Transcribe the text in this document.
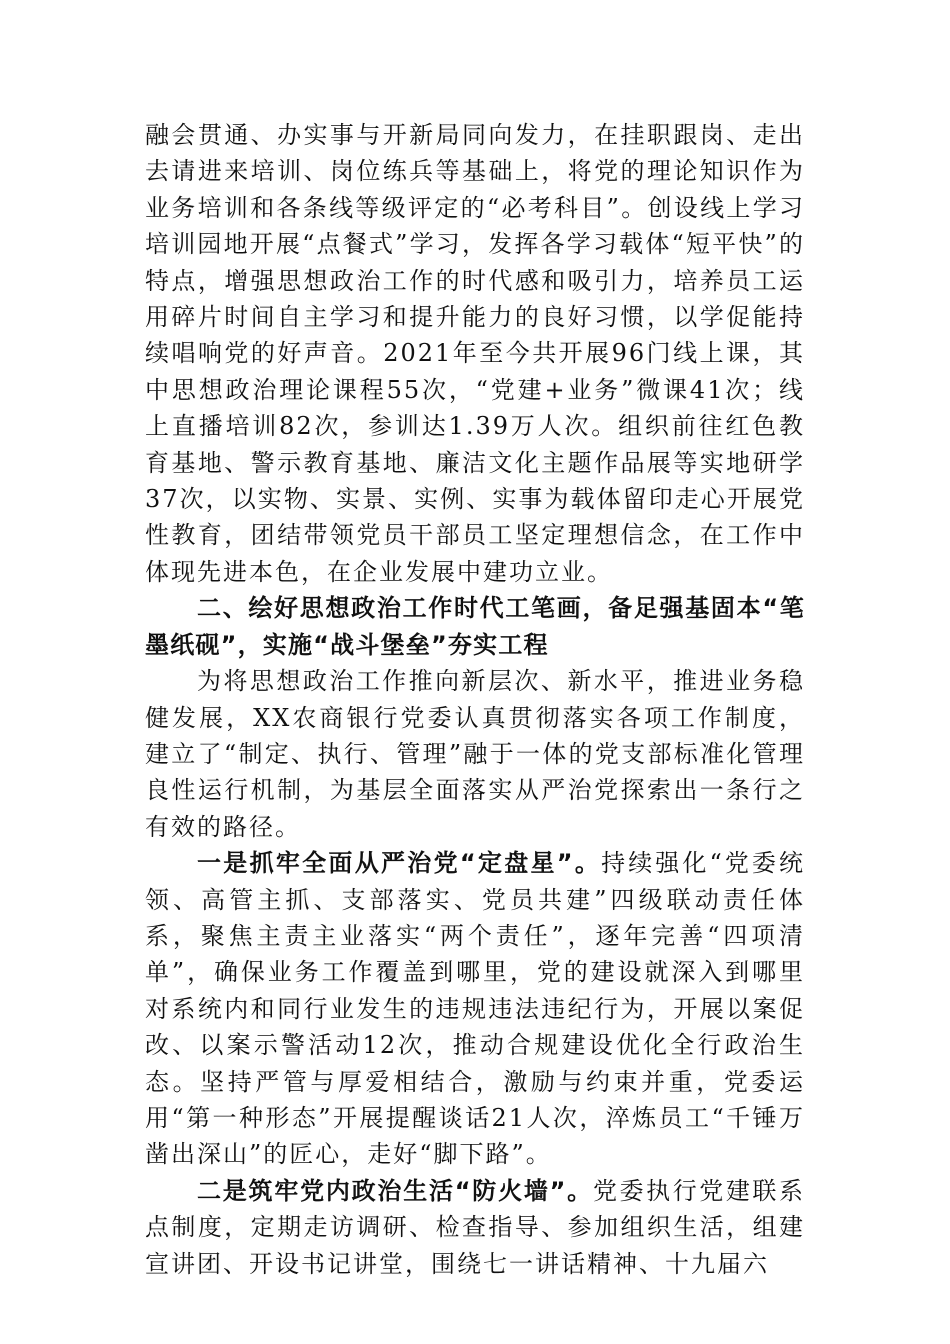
融会贯通、办实事与开新局同向发力，在挂职跟岗、走出去请进来培训、岗位练兵等基础上，将党的理论知识作为业务培训和各条线等级评定的“必考科目”。创设线上学习培训园地开展“点餐式”学习，发挥各学习载体“短平快”的特点，增强思想政治工作的时代感和吸引力，培养员工运用碎片时间自主学习和提升能力的良好习惯，以学促能持续唱响党的好声音。2021年至今共开展96门线上课，其中思想政治理论课程55次，“党建+业务”微课41次；线上直播培训82次，参训达1.39万人次。组织前往红色教育基地、警示教育基地、廉洁文化主题作品展等实地研学37次，以实物、实景、实例、实事为载体留印走心开展党性教育，团结带领党员干部员工坚定理想信念，在工作中体现先进本色，在企业发展中建功立业。

二、绘好思想政治工作时代工笔画，备足强基固本“笔墨纸砚”，实施“战斗堡垒”夯实工程

为将思想政治工作推向新层次、新水平，推进业务稳健发展，XX农商银行党委认真贯彻落实各项工作制度，建立了“制定、执行、管理”融于一体的党支部标准化管理良性运行机制，为基层全面落实从严治党探索出一条行之有效的路径。

一是抓牢全面从严治党“定盘星”。持续强化“党委统领、高管主抓、支部落实、党员共建”四级联动责任体系，聚焦主责主业落实“两个责任”，逐年完善“四项清单”，确保业务工作覆盖到哪里，党的建设就深入到哪里对系统内和同行业发生的违规违法违纪行为，开展以案促改、以案示警活动12次，推动合规建设优化全行政治生态。坚持严管与厚爱相结合，激励与约束并重，党委运用“第一种形态”开展提醒谈话21人次，淬炼员工“千锤万凿出深山”的匠心，走好“脚下路”。

二是筑牢党内政治生活“防火墙”。党委执行党建联系点制度，定期走访调研、检查指导、参加组织生活，组建宣讲团、开设书记讲堂，围绕七一讲话精神、十九届六
